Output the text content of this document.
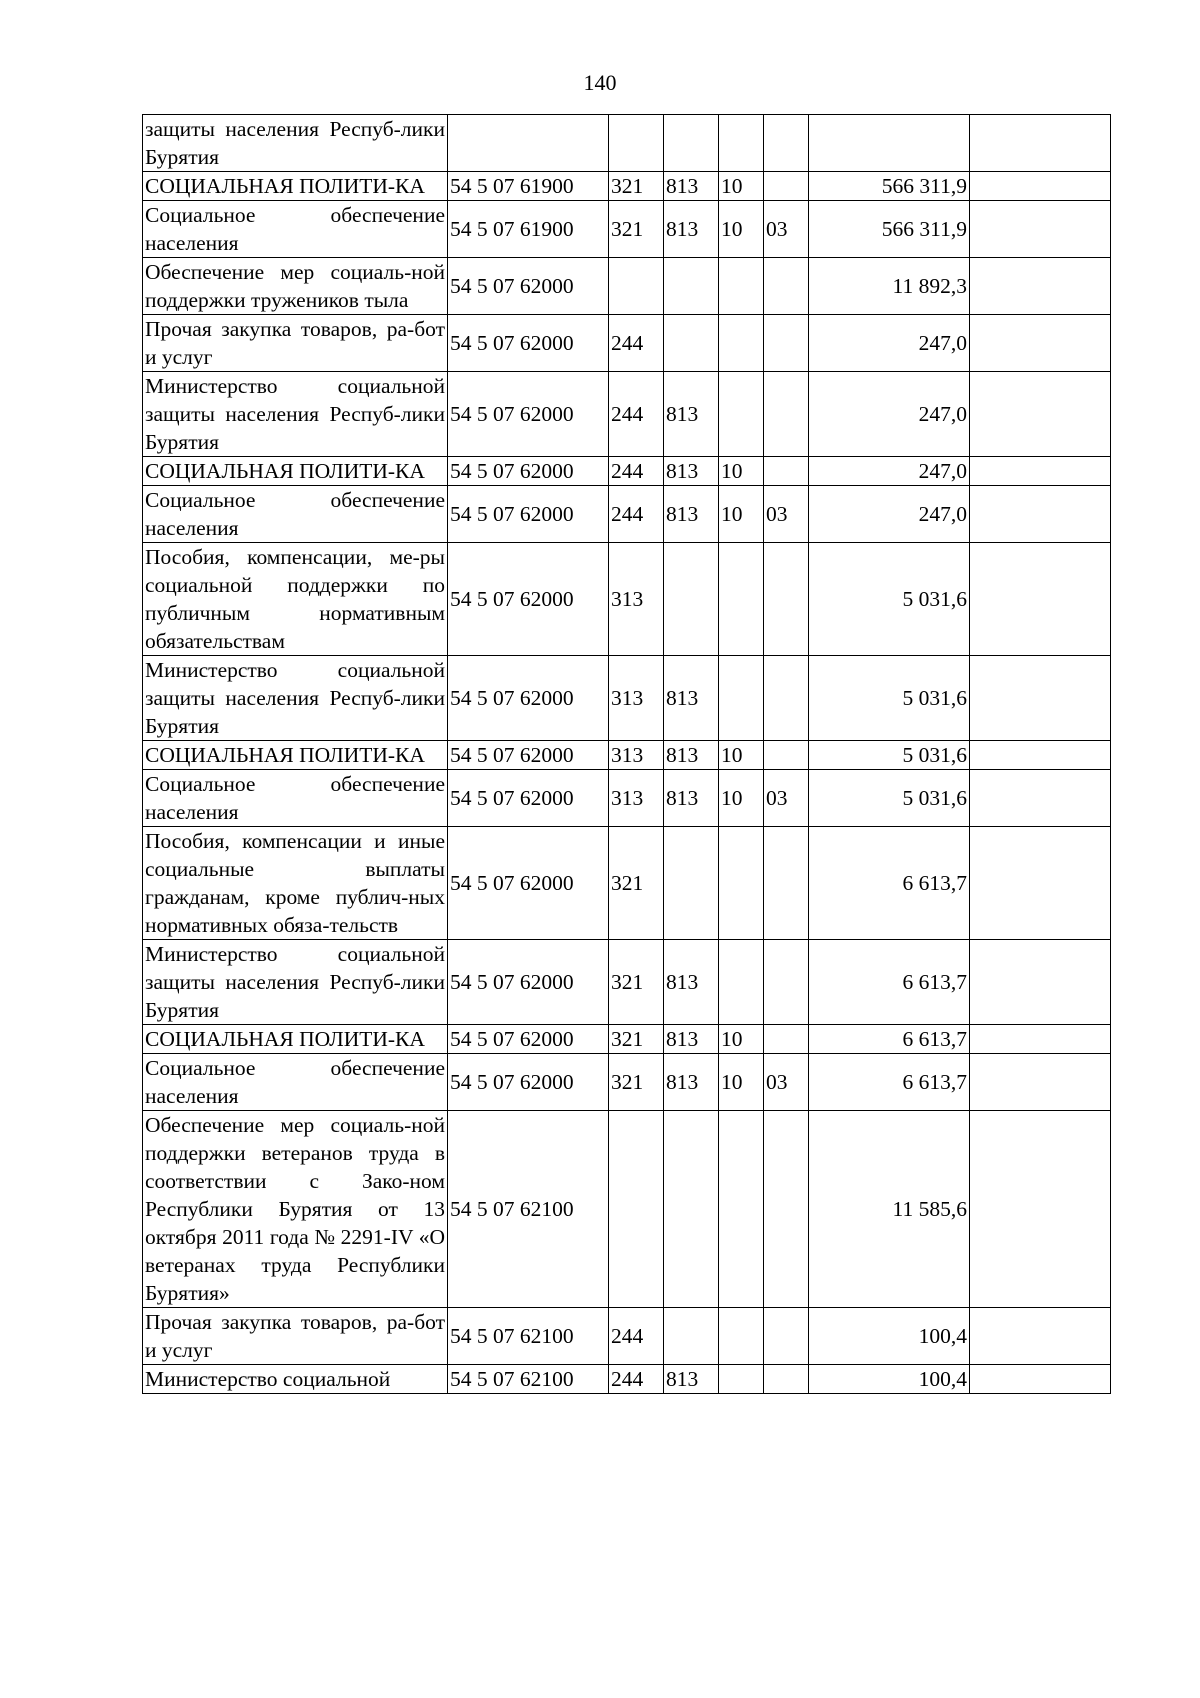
140
защиты населения Респуб-лики Бурятия							
СОЦИАЛЬНАЯ ПОЛИТИ-КА	54 5 07 61900	321	813	10		566 311,9	
Социальное обеспечение населения	54 5 07 61900	321	813	10	03	566 311,9	
Обеспечение мер социаль-ной поддержки тружеников тыла	54 5 07 62000					11 892,3	
Прочая закупка товаров, ра-бот и услуг	54 5 07 62000	244				247,0	
Министерство социальной защиты населения Респуб-лики Бурятия	54 5 07 62000	244	813			247,0	
СОЦИАЛЬНАЯ ПОЛИТИ-КА	54 5 07 62000	244	813	10		247,0	
Социальное обеспечение населения	54 5 07 62000	244	813	10	03	247,0	
Пособия, компенсации, ме-ры социальной поддержки по публичным нормативным обязательствам	54 5 07 62000	313				5 031,6	
Министерство социальной защиты населения Респуб-лики Бурятия	54 5 07 62000	313	813			5 031,6	
СОЦИАЛЬНАЯ ПОЛИТИ-КА	54 5 07 62000	313	813	10		5 031,6	
Социальное обеспечение населения	54 5 07 62000	313	813	10	03	5 031,6	
Пособия, компенсации и иные социальные выплаты гражданам, кроме публич-ных нормативных обяза-тельств	54 5 07 62000	321				6 613,7	
Министерство социальной защиты населения Респуб-лики Бурятия	54 5 07 62000	321	813			6 613,7	
СОЦИАЛЬНАЯ ПОЛИТИ-КА	54 5 07 62000	321	813	10		6 613,7	
Социальное обеспечение населения	54 5 07 62000	321	813	10	03	6 613,7	
Обеспечение мер социаль-ной поддержки ветеранов труда в соответствии с Зако-ном Республики Бурятия от 13 октября 2011 года № 2291-IV «О ветеранах труда Республики Бурятия»	54 5 07 62100					11 585,6	
Прочая закупка товаров, ра-бот и услуг	54 5 07 62100	244				100,4	
Министерство социальной	54 5 07 62100	244	813			100,4	
